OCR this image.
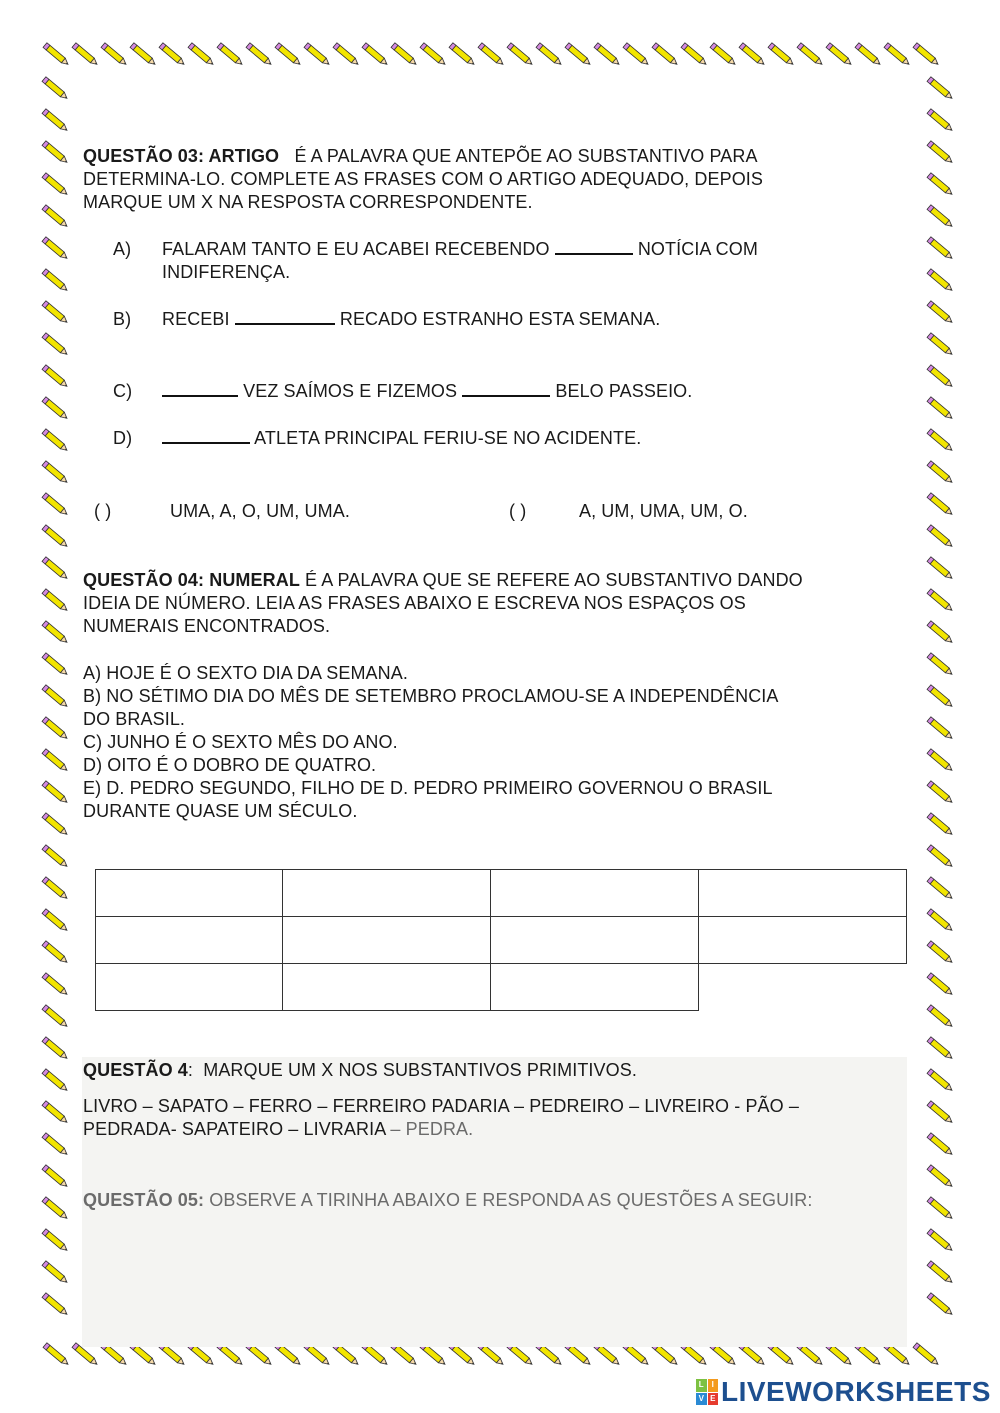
QUESTÃO 03: ARTIGO É A PALAVRA QUE ANTEPÕE AO SUBSTANTIVO PARA
DETERMINA-LO. COMPLETE AS FRASES COM O ARTIGO ADEQUADO, DEPOIS
MARQUE UM X NA RESPOSTA CORRESPONDENTE.
A) FALARAM TANTO E EU ACABEI RECEBENDO	NOTÍCIA COM
INDIFERENÇA.
B) RECEBI	RECADO ESTRANHO ESTA SEMANA.
C)	VEZ SAÍMOS E FIZEMOS	BELO PASSEIO.
D)	ATLETA PRINCIPAL FERIU-SE NO ACIDENTE.
( )	UMA, A, O, UM, UMA.	( )	A, UM, UMA, UM, O.
QUESTÃO 04: NUMERAL É A PALAVRA QUE SE REFERE AO SUBSTANTIVO DANDO
IDEIA DE NÚMERO. LEIA AS FRASES ABAIXO E ESCREVA NOS ESPAÇOS OS
NUMERAIS ENCONTRADOS.
A) HOJE É O SEXTO DIA DA SEMANA.
B) NO SÉTIMO DIA DO MÊS DE SETEMBRO PROCLAMOU-SE A INDEPENDÊNCIA
DO BRASIL.
C) JUNHO É O SEXTO MÊS DO ANO.
D) OITO É O DOBRO DE QUATRO.
E) D. PEDRO SEGUNDO, FILHO DE D. PEDRO PRIMEIRO GOVERNOU O BRASIL
DURANTE QUASE UM SÉCULO.

QUESTÃO 4: MARQUE UM X NOS SUBSTANTIVOS PRIMITIVOS.
LIVRO – SAPATO – FERRO – FERREIRO PADARIA – PEDREIRO – LIVREIRO - PÃO –
PEDRADA- SAPATEIRO – LIVRARIA – PEDRA.
QUESTÃO 05: OBSERVE A TIRINHA ABAIXO E RESPONDA AS QUESTÕES A SEGUIR:
L I
V E LIVEWORKSHEETS
